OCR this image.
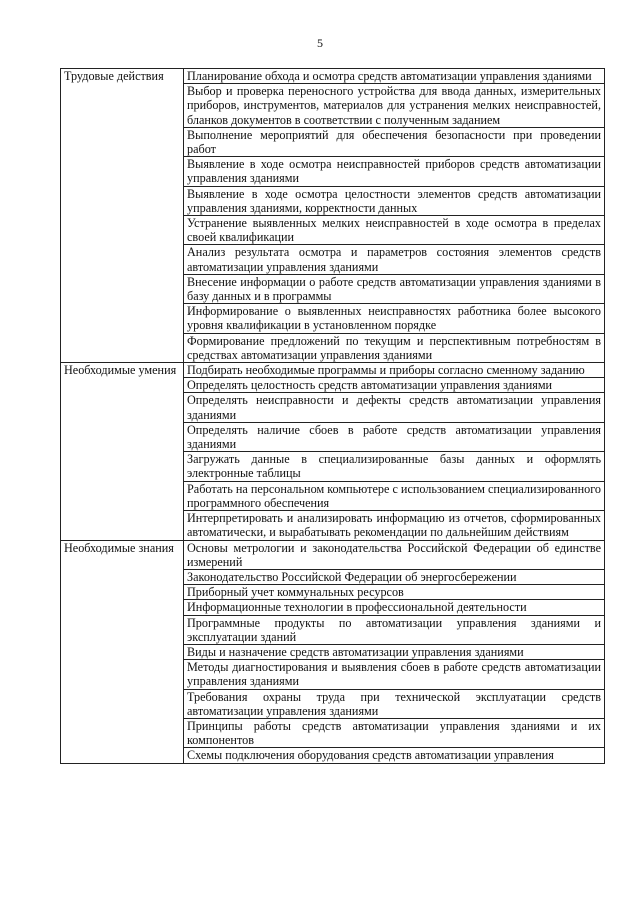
5
Трудовые действия	Планирование обхода и осмотра средств автоматизации управления зданиями
	Выбор и проверка переносного устройства для ввода данных, измерительных приборов, инструментов, материалов для устранения мелких неисправностей, бланков документов в соответствии с полученным заданием
	Выполнение мероприятий для обеспечения безопасности при проведении работ
	Выявление в ходе осмотра неисправностей приборов средств автоматизации управления зданиями
	Выявление в ходе осмотра целостности элементов средств автоматизации управления зданиями, корректности данных
	Устранение выявленных мелких неисправностей в ходе осмотра в пределах своей квалификации
	Анализ результата осмотра и параметров состояния элементов средств автоматизации управления зданиями
	Внесение информации о работе средств автоматизации управления зданиями в базу данных и в программы
	Информирование о выявленных неисправностях работника более высокого уровня квалификации в установленном порядке
	Формирование предложений по текущим и перспективным потребностям в средствах автоматизации управления зданиями
Необходимые умения	Подбирать необходимые программы и приборы согласно сменному заданию
	Определять целостность средств автоматизации управления зданиями
	Определять неисправности и дефекты средств автоматизации управления зданиями
	Определять наличие сбоев в работе средств автоматизации управления зданиями
	Загружать данные в специализированные базы данных и оформлять электронные таблицы
	Работать на персональном компьютере с использованием специализированного программного обеспечения
	Интерпретировать и анализировать информацию из отчетов, сформированных автоматически, и вырабатывать рекомендации по дальнейшим действиям
Необходимые знания	Основы метрологии и законодательства Российской Федерации об единстве измерений
	Законодательство Российской Федерации об энергосбережении
	Приборный учет коммунальных ресурсов
	Информационные технологии в профессиональной деятельности
	Программные продукты по автоматизации управления зданиями и эксплуатации зданий
	Виды и назначение средств автоматизации управления зданиями
	Методы диагностирования и выявления сбоев в работе средств автоматизации управления зданиями
	Требования охраны труда при технической эксплуатации средств автоматизации управления зданиями
	Принципы работы средств автоматизации управления зданиями и их компонентов
	Схемы подключения оборудования средств автоматизации управления
